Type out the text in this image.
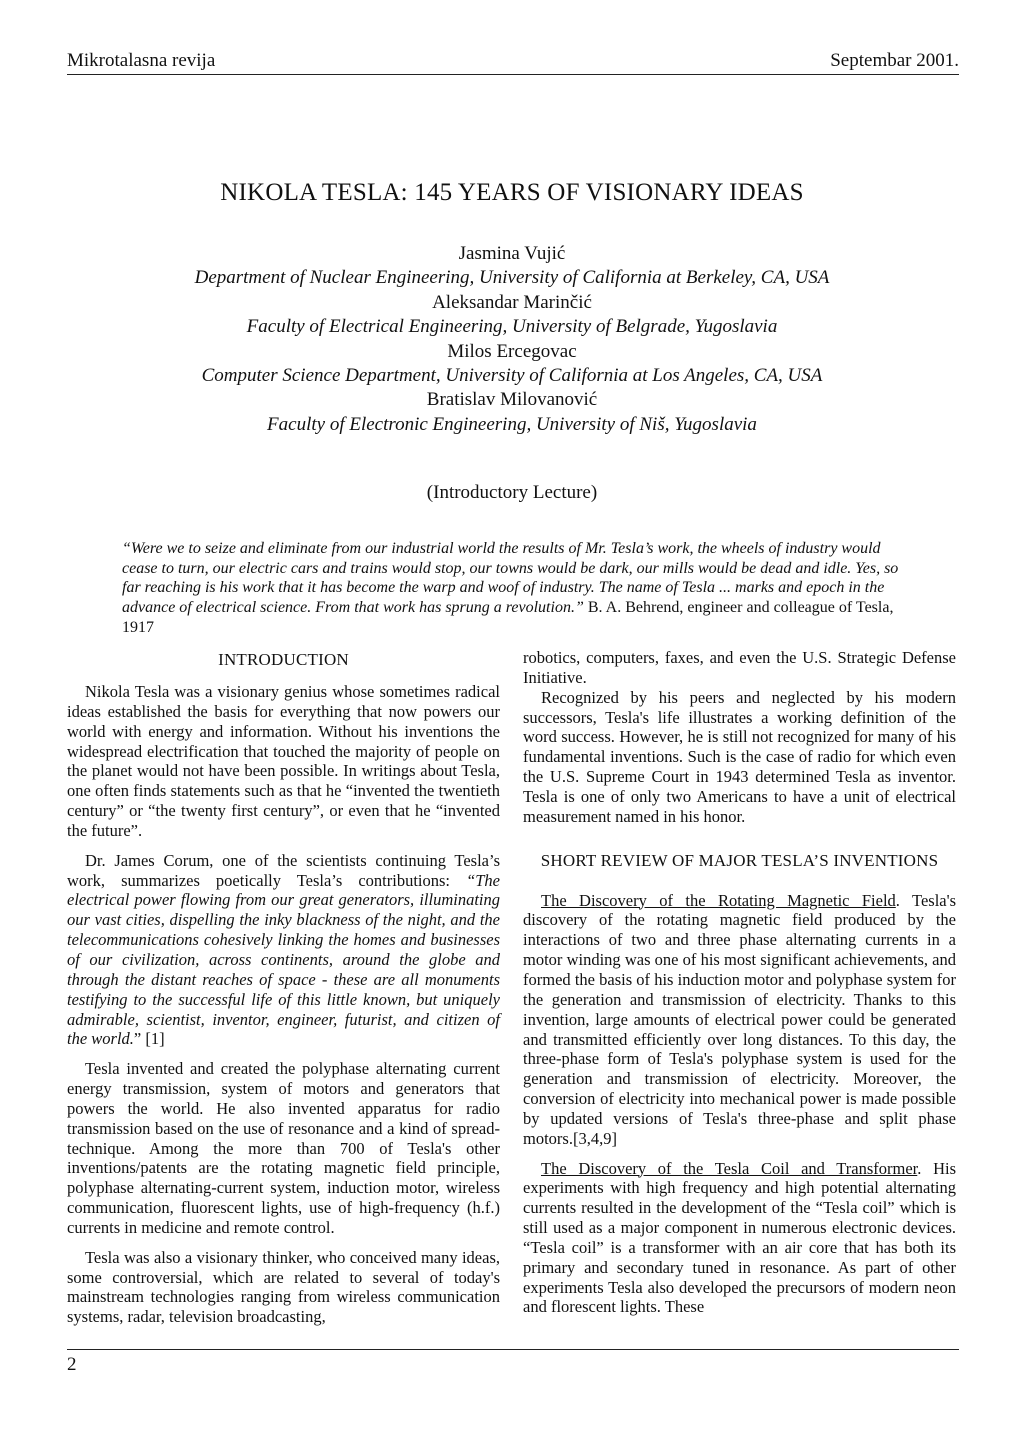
Mikrotalasna revija	Septembar 2001.
NIKOLA TESLA: 145 YEARS OF VISIONARY IDEAS
Jasmina Vujić
Department of Nuclear Engineering, University of California at Berkeley, CA, USA
Aleksandar Marinčić
Faculty of Electrical Engineering, University of Belgrade, Yugoslavia
Milos Ercegovac
Computer Science Department, University of California at Los Angeles, CA, USA
Bratislav Milovanović
Faculty of Electronic Engineering, University of Niš, Yugoslavia
(Introductory Lecture)
“Were we to seize and eliminate from our industrial world the results of Mr. Tesla’s work, the wheels of industry would cease to turn, our electric cars and trains would stop, our towns would be dark, our mills would be dead and idle. Yes, so far reaching is his work that it has become the warp and woof of industry. The name of Tesla ... marks and epoch in the advance of electrical science. From that work has sprung a revolution.” B. A. Behrend, engineer and colleague of Tesla, 1917
INTRODUCTION

Nikola Tesla was a visionary genius whose sometimes radical ideas established the basis for everything that now powers our world with energy and information. Without his inventions the widespread electrification that touched the majority of people on the planet would not have been possible. In writings about Tesla, one often finds statements such as that he “invented the twentieth century” or “the twenty first century”, or even that he “invented the future”.

Dr. James Corum, one of the scientists continuing Tesla’s work, summarizes poetically Tesla’s contributions: “The electrical power flowing from our great generators, illuminating our vast cities, dispelling the inky blackness of the night, and the telecommunications cohesively linking the homes and businesses of our civilization, across continents, around the globe and through the distant reaches of space - these are all monuments testifying to the successful life of this little known, but uniquely admirable, scientist, inventor, engineer, futurist, and citizen of the world.” [1]

Tesla invented and created the polyphase alternating current energy transmission, system of motors and generators that powers the world. He also invented apparatus for radio transmission based on the use of resonance and a kind of spread-technique. Among the more than 700 of Tesla's other inventions/patents are the rotating magnetic field principle, polyphase alternating-current system, induction motor, wireless communication, fluorescent lights, use of high-frequency (h.f.) currents in medicine and remote control.

Tesla was also a visionary thinker, who conceived many ideas, some controversial, which are related to several of today's mainstream technologies ranging from wireless communication systems, radar, television broadcasting,

robotics, computers, faxes, and even the U.S. Strategic Defense Initiative.

Recognized by his peers and neglected by his modern successors, Tesla's life illustrates a working definition of the word success. However, he is still not recognized for many of his fundamental inventions. Such is the case of radio for which even the U.S. Supreme Court in 1943 determined Tesla as inventor. Tesla is one of only two Americans to have a unit of electrical measurement named in his honor.

SHORT REVIEW OF MAJOR TESLA’S INVENTIONS

The Discovery of the Rotating Magnetic Field. Tesla's discovery of the rotating magnetic field produced by the interactions of two and three phase alternating currents in a motor winding was one of his most significant achievements, and formed the basis of his induction motor and polyphase system for the generation and transmission of electricity. Thanks to this invention, large amounts of electrical power could be generated and transmitted efficiently over long distances. To this day, the three-phase form of Tesla's polyphase system is used for the generation and transmission of electricity. Moreover, the conversion of electricity into mechanical power is made possible by updated versions of Tesla's three-phase and split phase motors.[3,4,9]

The Discovery of the Tesla Coil and Transformer. His experiments with high frequency and high potential alternating currents resulted in the development of the “Tesla coil” which is still used as a major component in numerous electronic devices. “Tesla coil” is a transformer with an air core that has both its primary and secondary tuned in resonance. As part of other experiments Tesla also developed the precursors of modern neon and florescent lights. These

2
